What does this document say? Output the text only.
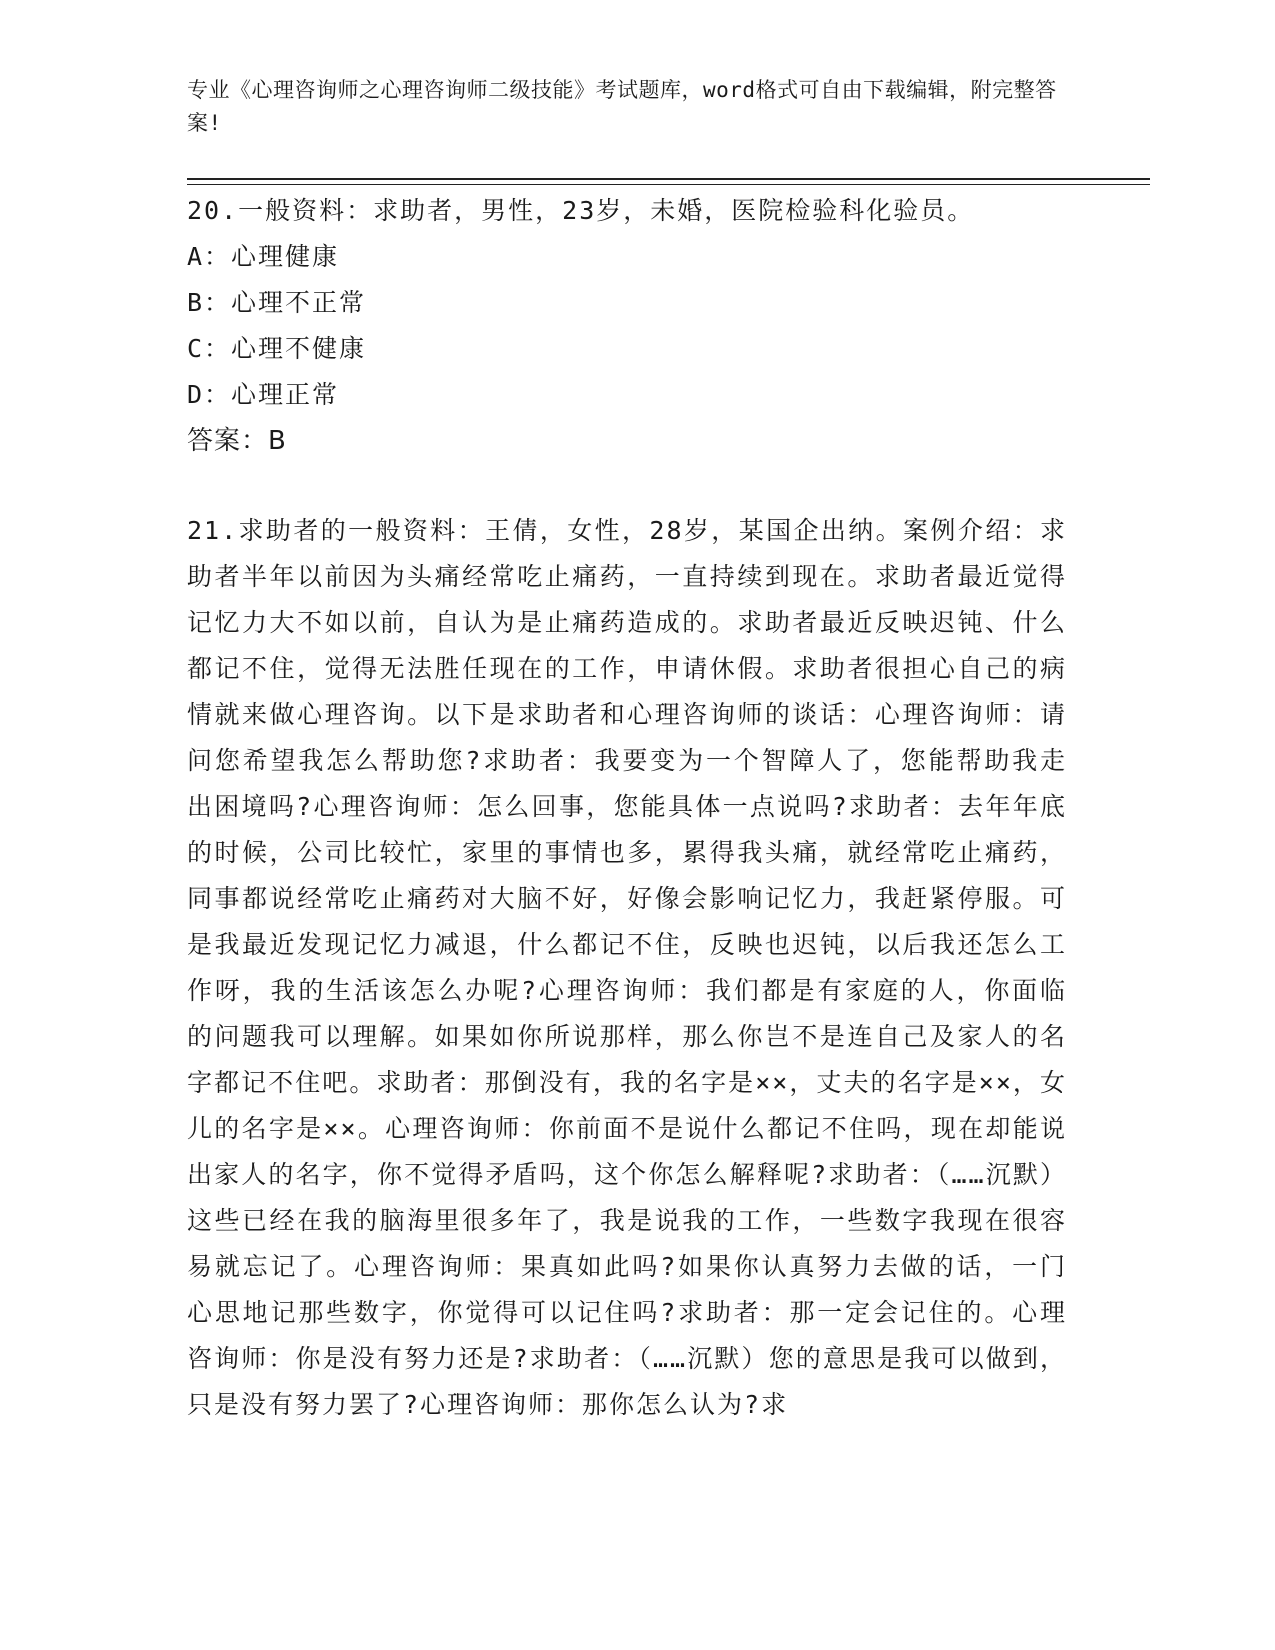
专业《心理咨询师之心理咨询师二级技能》考试题库，word格式可自由下载编辑，附完整答案!
20.一般资料：求助者，男性，23岁，未婚，医院检验科化验员。
A：心理健康
B：心理不正常
C：心理不健康
D：心理正常
答案：B
21.求助者的一般资料：王倩，女性，28岁，某国企出纳。案例介绍：求助者半年以前因为头痛经常吃止痛药，一直持续到现在。求助者最近觉得记忆力大不如以前，自认为是止痛药造成的。求助者最近反映迟钝、什么都记不住，觉得无法胜任现在的工作，申请休假。求助者很担心自己的病情就来做心理咨询。以下是求助者和心理咨询师的谈话：心理咨询师：请问您希望我怎么帮助您?求助者：我要变为一个智障人了，您能帮助我走出困境吗?心理咨询师：怎么回事，您能具体一点说吗?求助者：去年年底的时候，公司比较忙，家里的事情也多，累得我头痛，就经常吃止痛药，同事都说经常吃止痛药对大脑不好，好像会影响记忆力，我赶紧停服。可是我最近发现记忆力减退，什么都记不住，反映也迟钝，以后我还怎么工作呀，我的生活该怎么办呢?心理咨询师：我们都是有家庭的人，你面临的问题我可以理解。如果如你所说那样，那么你岂不是连自己及家人的名字都记不住吧。求助者：那倒没有，我的名字是××，丈夫的名字是××，女儿的名字是××。心理咨询师：你前面不是说什么都记不住吗，现在却能说出家人的名字，你不觉得矛盾吗，这个你怎么解释呢?求助者：（……沉默）这些已经在我的脑海里很多年了，我是说我的工作，一些数字我现在很容易就忘记了。心理咨询师：果真如此吗?如果你认真努力去做的话，一门心思地记那些数字，你觉得可以记住吗?求助者：那一定会记住的。心理咨询师：你是没有努力还是?求助者：（……沉默）您的意思是我可以做到，只是没有努力罢了?心理咨询师：那你怎么认为?求
